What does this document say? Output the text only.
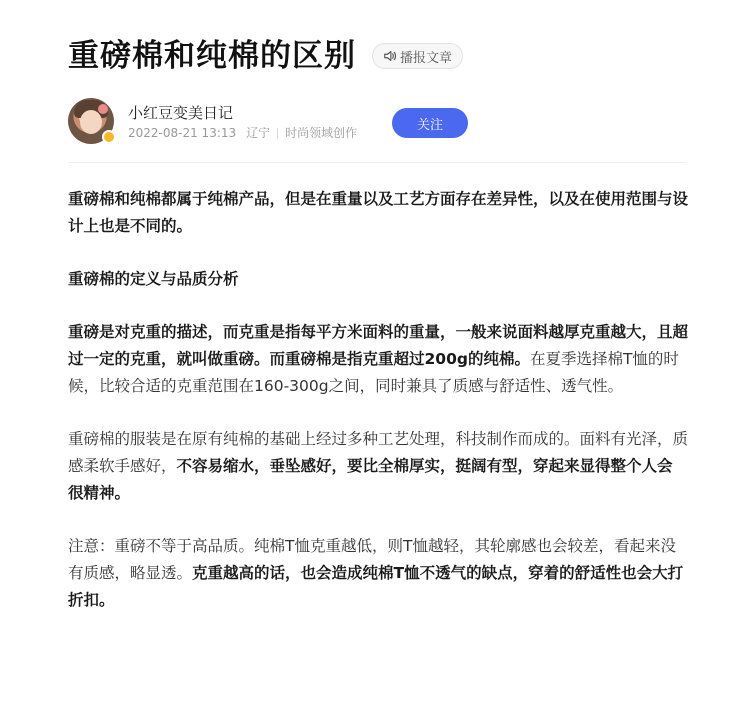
重磅棉和纯棉的区别	播报文章
小红豆变美日记
2022-08-21 13:13 辽宁 时尚领域创作
关注

重磅棉和纯棉都属于纯棉产品，但是在重量以及工艺方面存在差异性，以及在使用范围与设计上也是不同的。

重磅棉的定义与品质分析

重磅是对克重的描述，而克重是指每平方米面料的重量，一般来说面料越厚克重越大，且超过一定的克重，就叫做重磅。而重磅棉是指克重超过200g的纯棉。在夏季选择棉T恤的时候，比较合适的克重范围在160-300g之间，同时兼具了质感与舒适性、透气性。

重磅棉的服装是在原有纯棉的基础上经过多种工艺处理，科技制作而成的。面料有光泽，质感柔软手感好，不容易缩水，垂坠感好，要比全棉厚实，挺阔有型，穿起来显得整个人会很精神。

注意：重磅不等于高品质。纯棉T恤克重越低，则T恤越轻，其轮廓感也会较差，看起来没有质感，略显透。克重越高的话，也会造成纯棉T恤不透气的缺点，穿着的舒适性也会大打折扣。
